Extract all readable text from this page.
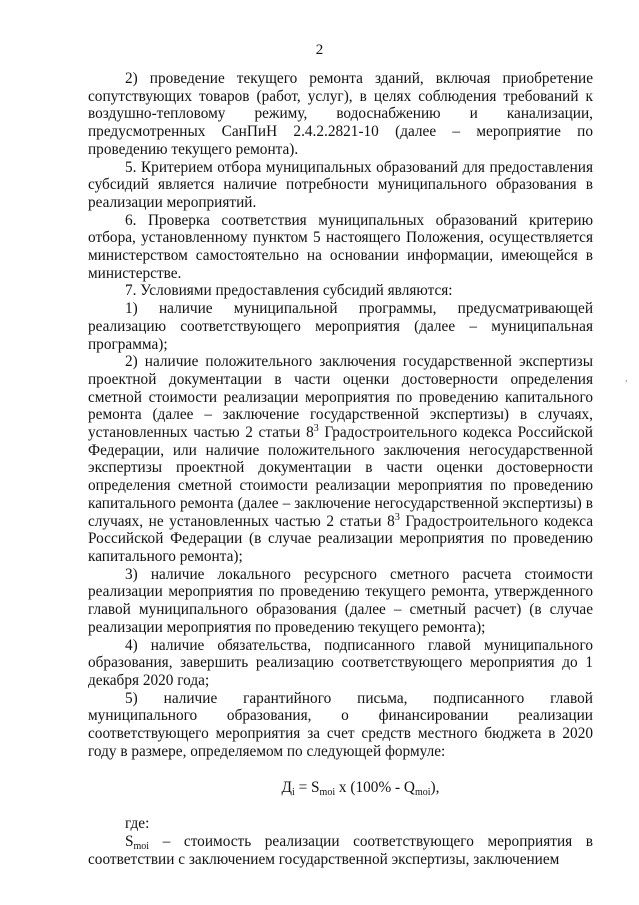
2

2) проведение текущего ремонта зданий, включая приобретение сопутствующих товаров (работ, услуг), в целях соблюдения требований к воздушно-тепловому режиму, водоснабжению и канализации, предусмотренных СанПиН 2.4.2.2821-10 (далее – мероприятие по проведению текущего ремонта).

5. Критерием отбора муниципальных образований для предоставления субсидий является наличие потребности муниципального образования в реализации мероприятий.

6. Проверка соответствия муниципальных образований критерию отбора, установленному пунктом 5 настоящего Положения, осуществляется министерством самостоятельно на основании информации, имеющейся в министерстве.

7. Условиями предоставления субсидий являются:

1) наличие муниципальной программы, предусматривающей реализацию соответствующего мероприятия (далее – муниципальная программа);

2) наличие положительного заключения государственной экспертизы проектной документации в части оценки достоверности определения сметной стоимости реализации мероприятия по проведению капитального ремонта (далее – заключение государственной экспертизы) в случаях, установленных частью 2 статьи $8^3$ Градостроительного кодекса Российской Федерации, или наличие положительного заключения негосударственной экспертизы проектной документации в части оценки достоверности определения сметной стоимости реализации мероприятия по проведению капитального ремонта (далее – заключение негосударственной экспертизы) в случаях, не установленных частью 2 статьи $8^3$ Градостроительного кодекса Российской Федерации (в случае реализации мероприятия по проведению капитального ремонта);

3) наличие локального ресурсного сметного расчета стоимости реализации мероприятия по проведению текущего ремонта, утвержденного главой муниципального образования (далее – сметный расчет) (в случае реализации мероприятия по проведению текущего ремонта);

4) наличие обязательства, подписанного главой муниципального образования, завершить реализацию соответствующего мероприятия до 1 декабря 2020 года;

5) наличие гарантийного письма, подписанного главой муниципального образования, о финансировании реализации соответствующего мероприятия за счет средств местного бюджета в 2020 году в размере, определяемом по следующей формуле:

$Д_i = S_{moi}$ x $(100\% - Q_{moi})$,

где:

$S_{moi}$ – стоимость реализации соответствующего мероприятия в соответствии с заключением государственной экспертизы, заключением

,
